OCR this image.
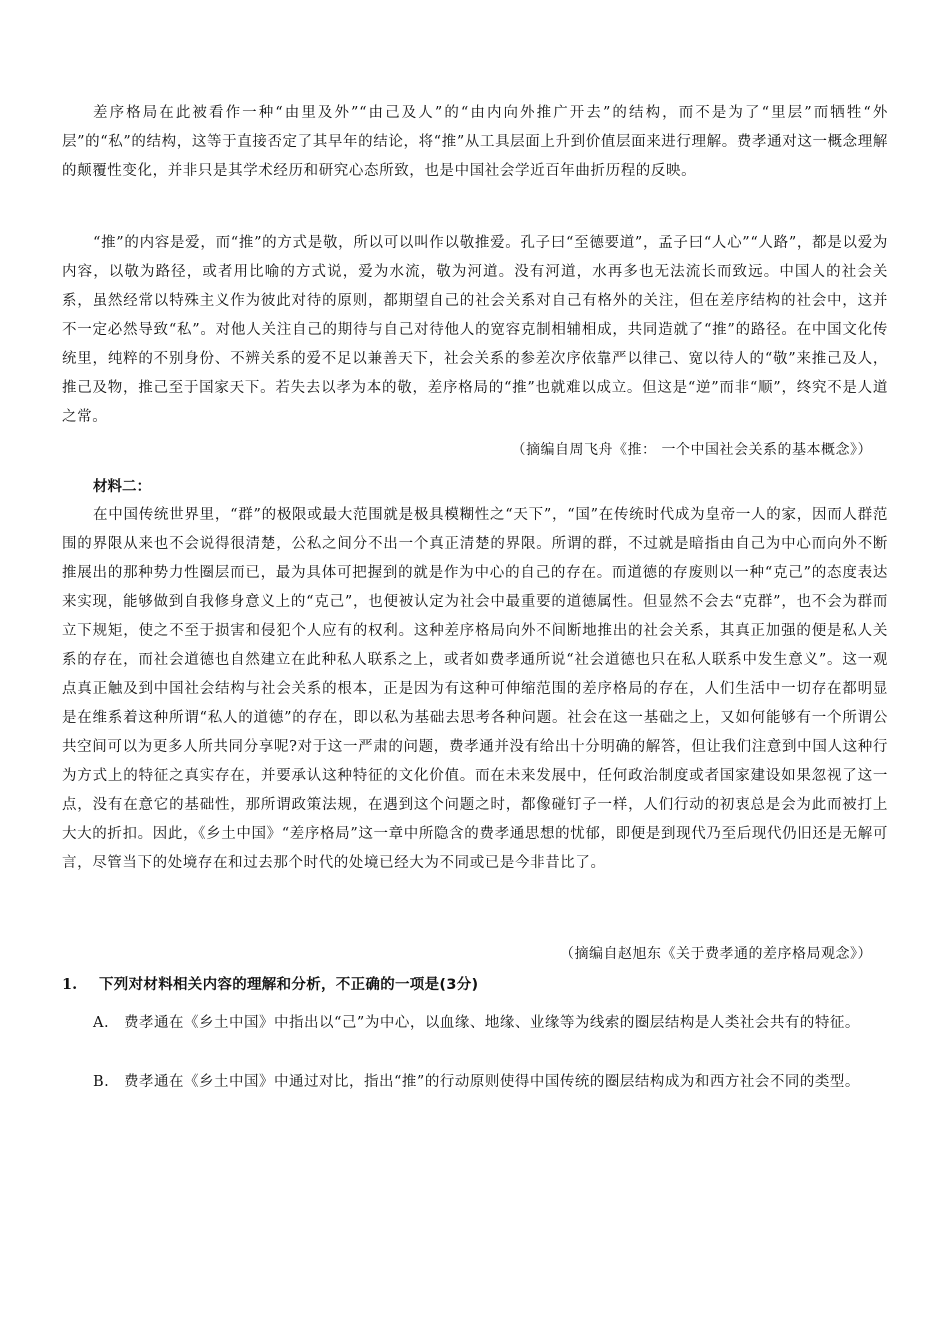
差序格局在此被看作一种“由里及外”“由己及人”的“由内向外推广开去”的结构，而不是为了“里层”而牺牲“外层”的“私”的结构，这等于直接否定了其早年的结论，将“推”从工具层面上升到价值层面来进行理解。费孝通对这一概念理解的颠覆性变化，并非只是其学术经历和研究心态所致，也是中国社会学近百年曲折历程的反映。

“推”的内容是爱，而“推”的方式是敬，所以可以叫作以敬推爱。孔子曰“至德要道”，孟子曰“人心”“人路”，都是以爱为内容，以敬为路径，或者用比喻的方式说，爱为水流，敬为河道。没有河道，水再多也无法流长而致远。中国人的社会关系，虽然经常以特殊主义作为彼此对待的原则，都期望自己的社会关系对自己有格外的关注，但在差序结构的社会中，这并不一定必然导致“私”。对他人关注自己的期待与自己对待他人的宽容克制相辅相成，共同造就了“推”的路径。在中国文化传统里，纯粹的不别身份、不辨关系的爱不足以兼善天下，社会关系的参差次序依靠严以律己、宽以待人的“敬”来推己及人，推己及物，推己至于国家天下。若失去以孝为本的敬，差序格局的“推”也就难以成立。但这是“逆”而非“顺”，终究不是人道之常。

（摘编自周飞舟《推： 一个中国社会关系的基本概念》）

材料二：

在中国传统世界里，“群”的极限或最大范围就是极具模糊性之“天下”，“国”在传统时代成为皇帝一人的家，因而人群范围的界限从来也不会说得很清楚，公私之间分不出一个真正清楚的界限。所谓的群，不过就是暗指由自己为中心而向外不断推展出的那种势力性圈层而已，最为具体可把握到的就是作为中心的自己的存在。而道德的存废则以一种“克己”的态度表达来实现，能够做到自我修身意义上的“克己”，也便被认定为社会中最重要的道德属性。但显然不会去“克群”，也不会为群而立下规矩，使之不至于损害和侵犯个人应有的权利。这种差序格局向外不间断地推出的社会关系，其真正加强的便是私人关系的存在，而社会道德也自然建立在此种私人联系之上，或者如费孝通所说“社会道德也只在私人联系中发生意义”。这一观点真正触及到中国社会结构与社会关系的根本，正是因为有这种可伸缩范围的差序格局的存在，人们生活中一切存在都明显是在维系着这种所谓“私人的道德”的存在，即以私为基础去思考各种问题。社会在这一基础之上，又如何能够有一个所谓公共空间可以为更多人所共同分享呢?对于这一严肃的问题，费孝通并没有给出十分明确的解答，但让我们注意到中国人这种行为方式上的特征之真实存在，并要承认这种特征的文化价值。而在未来发展中，任何政治制度或者国家建设如果忽视了这一点，没有在意它的基础性，那所谓政策法规，在遇到这个问题之时，都像碰钉子一样，人们行动的初衷总是会为此而被打上大大的折扣。因此，《乡土中国》“差序格局”这一章中所隐含的费孝通思想的忧郁，即便是到现代乃至后现代仍旧还是无解可言，尽管当下的处境存在和过去那个时代的处境已经大为不同或已是今非昔比了。

（摘编自赵旭东《关于费孝通的差序格局观念》）

1. 下列对材料相关内容的理解和分析，不正确的一项是(3分)
A. 费孝通在《乡土中国》中指出以“己”为中心，以血缘、地缘、业缘等为线索的圈层结构是人类社会共有的特征。
B. 费孝通在《乡土中国》中通过对比，指出“推”的行动原则使得中国传统的圈层结构成为和西方社会不同的类型。
